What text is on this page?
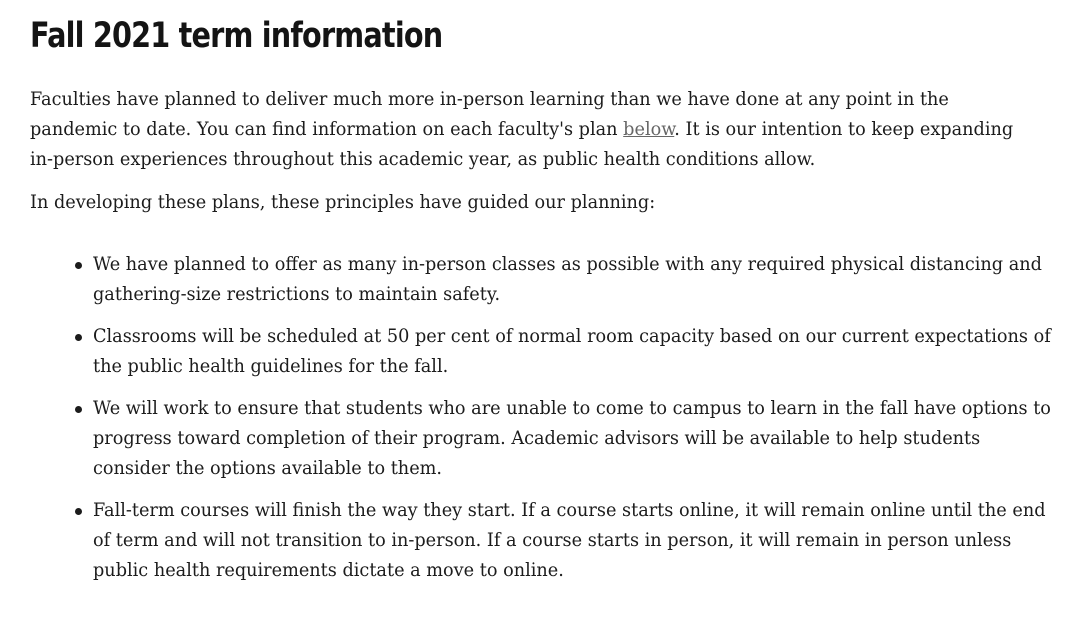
Fall 2021 term information

Faculties have planned to deliver much more in-person learning than we have done at any point in the pandemic to date. You can find information on each faculty's plan below. It is our intention to keep expanding in-person experiences throughout this academic year, as public health conditions allow.

In developing these plans, these principles have guided our planning:

We have planned to offer as many in-person classes as possible with any required physical distancing and gathering-size restrictions to maintain safety.
Classrooms will be scheduled at 50 per cent of normal room capacity based on our current expectations of the public health guidelines for the fall.
We will work to ensure that students who are unable to come to campus to learn in the fall have options to progress toward completion of their program. Academic advisors will be available to help students consider the options available to them.
Fall-term courses will finish the way they start. If a course starts online, it will remain online until the end of term and will not transition to in-person. If a course starts in person, it will remain in person unless public health requirements dictate a move to online.
